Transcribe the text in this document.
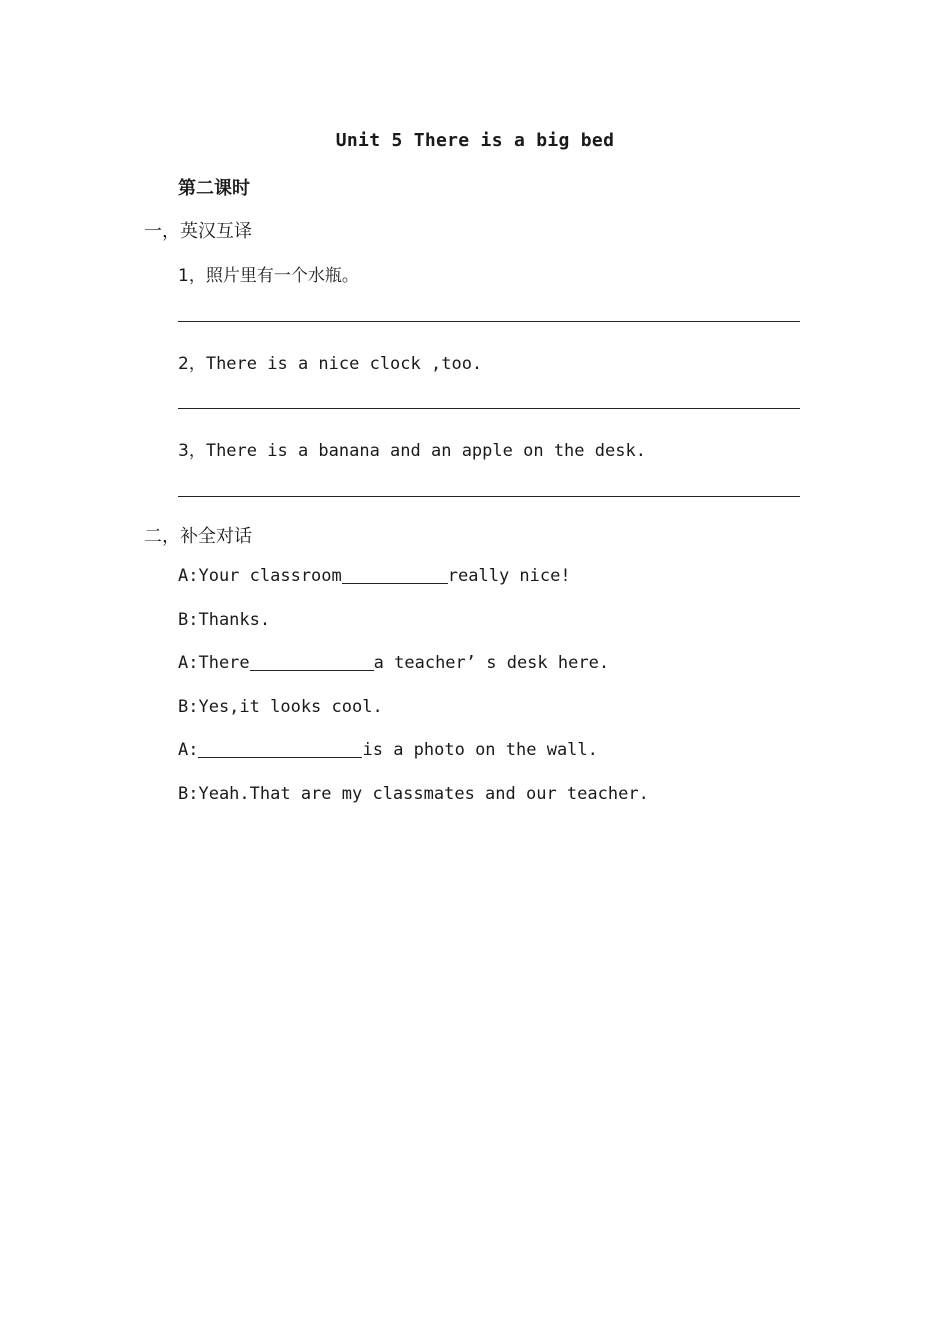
Unit 5 There is a big bed
第二课时
一，英汉互译
1，照片里有一个水瓶。
2，There is a nice clock ,too.
3，There is a banana and an apple on the desk.
二，补全对话
A:Your classroom	really nice!
B:Thanks.
A:There	a teacher’ s desk here.
B:Yes,it looks cool.
A:	is a photo on the wall.
B:Yeah.That are my classmates and our teacher.
